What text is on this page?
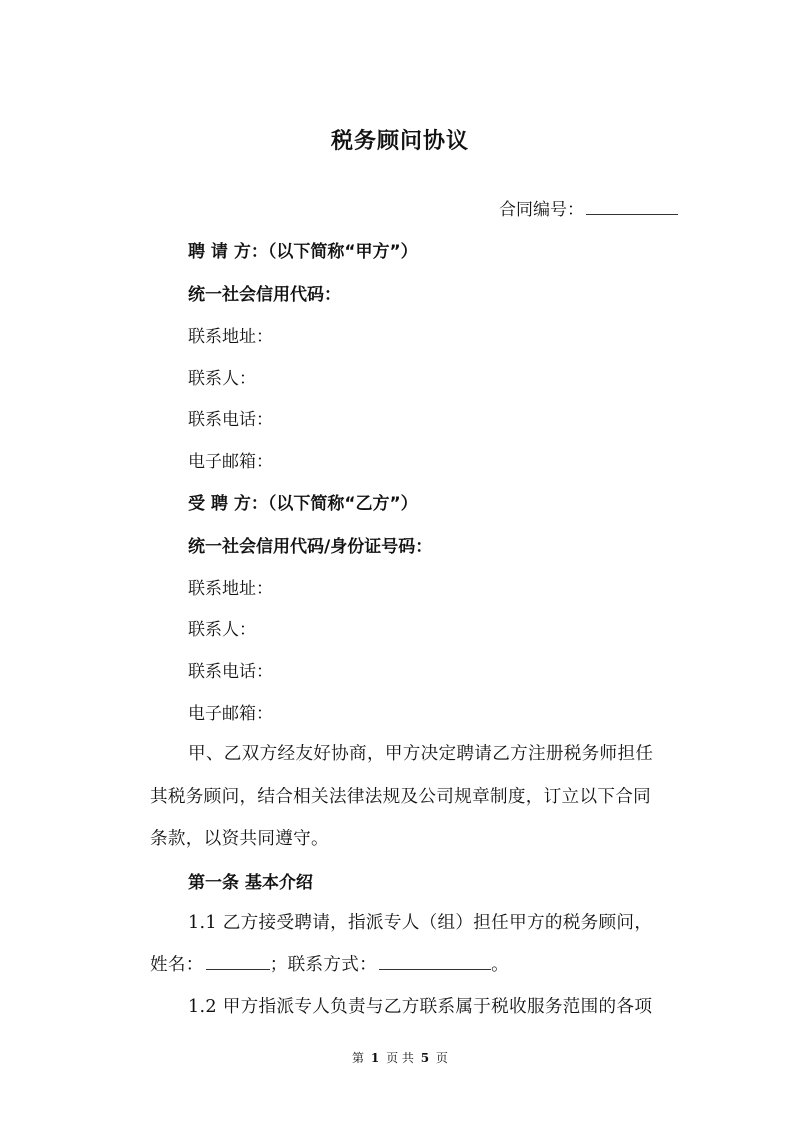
税务顾问协议
合同编号：
聘 请 方：（以下简称“甲方”）
统一社会信用代码：
联系地址：
联系人：
联系电话：
电子邮箱：
受 聘 方：（以下简称“乙方”）
统一社会信用代码/身份证号码：
联系地址：
联系人：
联系电话：
电子邮箱：
甲、乙双方经友好协商，甲方决定聘请乙方注册税务师担任
其税务顾问，结合相关法律法规及公司规章制度，订立以下合同
条款，以资共同遵守。
第一条 基本介绍
1.1 乙方接受聘请，指派专人（组）担任甲方的税务顾问，
姓名：	；联系方式：	。
1.2 甲方指派专人负责与乙方联系属于税收服务范围的各项
第 1 页 共 5 页
